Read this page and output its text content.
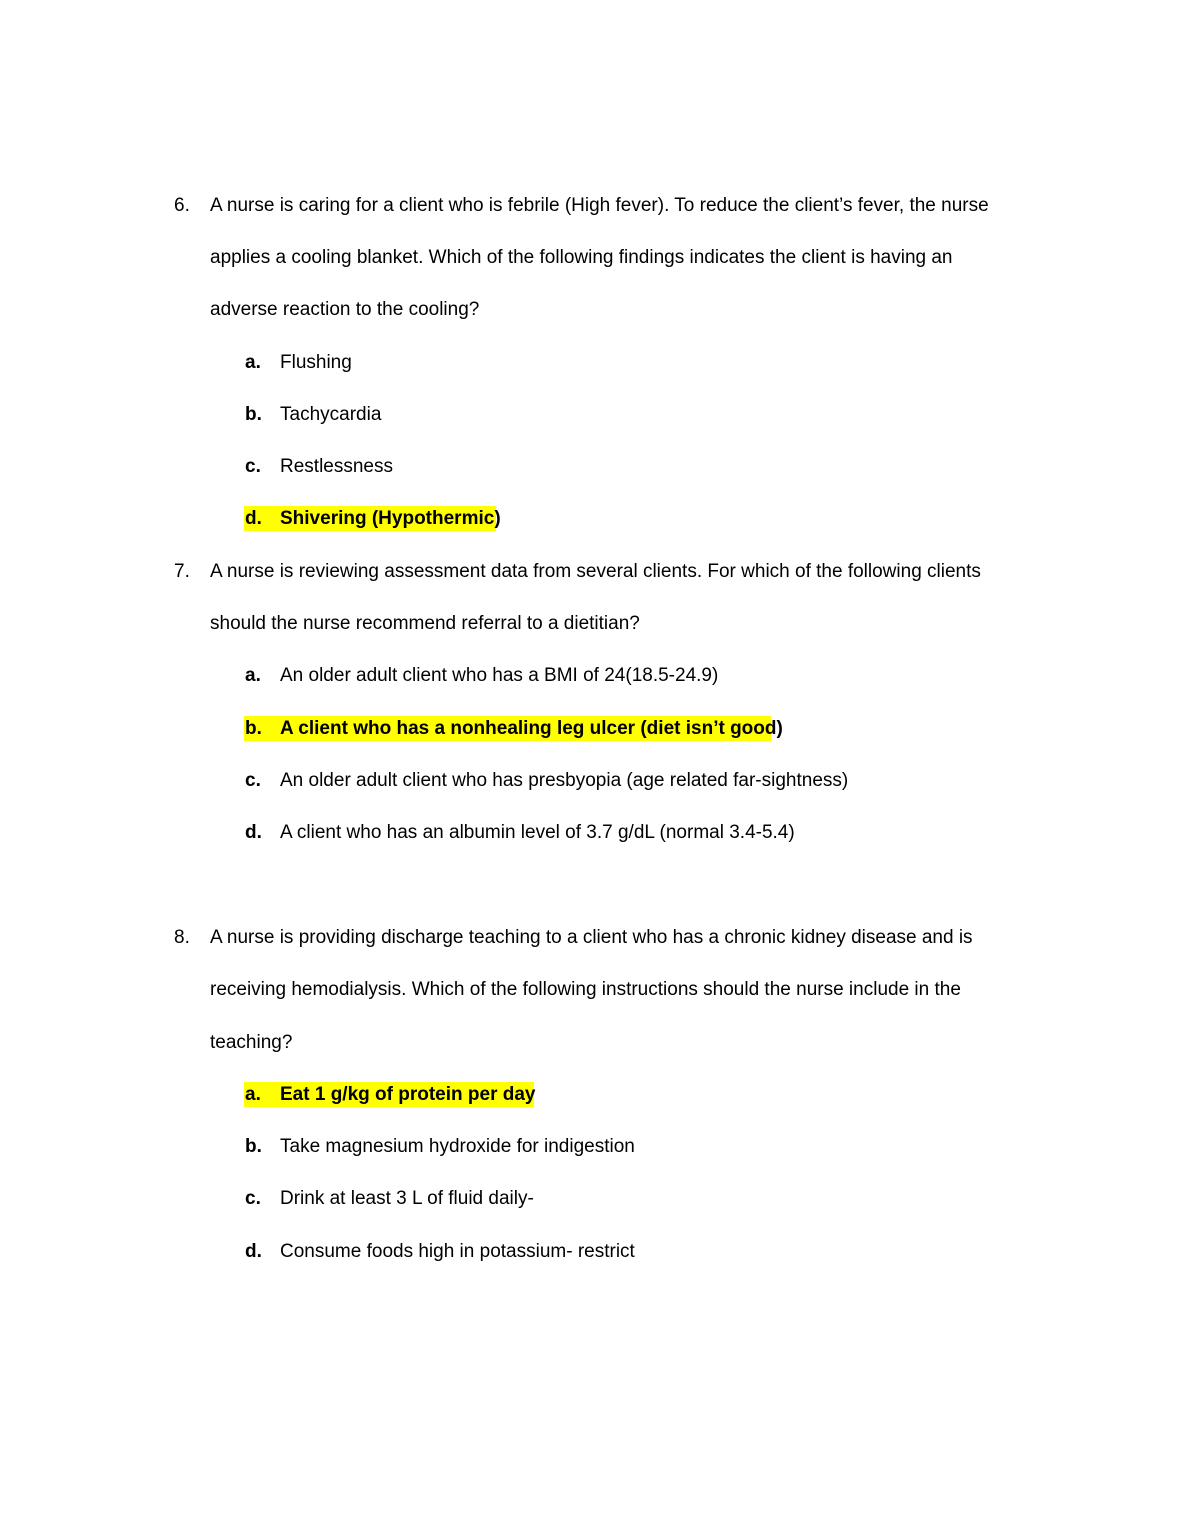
6. A nurse is caring for a client who is febrile (High fever). To reduce the client’s fever, the nurse
applies a cooling blanket. Which of the following findings indicates the client is having an
adverse reaction to the cooling?
a. Flushing
b. Tachycardia
c. Restlessness
d. Shivering (Hypothermic)
7. A nurse is reviewing assessment data from several clients. For which of the following clients
should the nurse recommend referral to a dietitian?
a. An older adult client who has a BMI of 24(18.5-24.9)
b. A client who has a nonhealing leg ulcer (diet isn’t good)
c. An older adult client who has presbyopia (age related far-sightness)
d. A client who has an albumin level of 3.7 g/dL (normal 3.4-5.4)
8. A nurse is providing discharge teaching to a client who has a chronic kidney disease and is
receiving hemodialysis. Which of the following instructions should the nurse include in the
teaching?
a. Eat 1 g/kg of protein per day
b. Take magnesium hydroxide for indigestion
c. Drink at least 3 L of fluid daily-
d. Consume foods high in potassium- restrict
